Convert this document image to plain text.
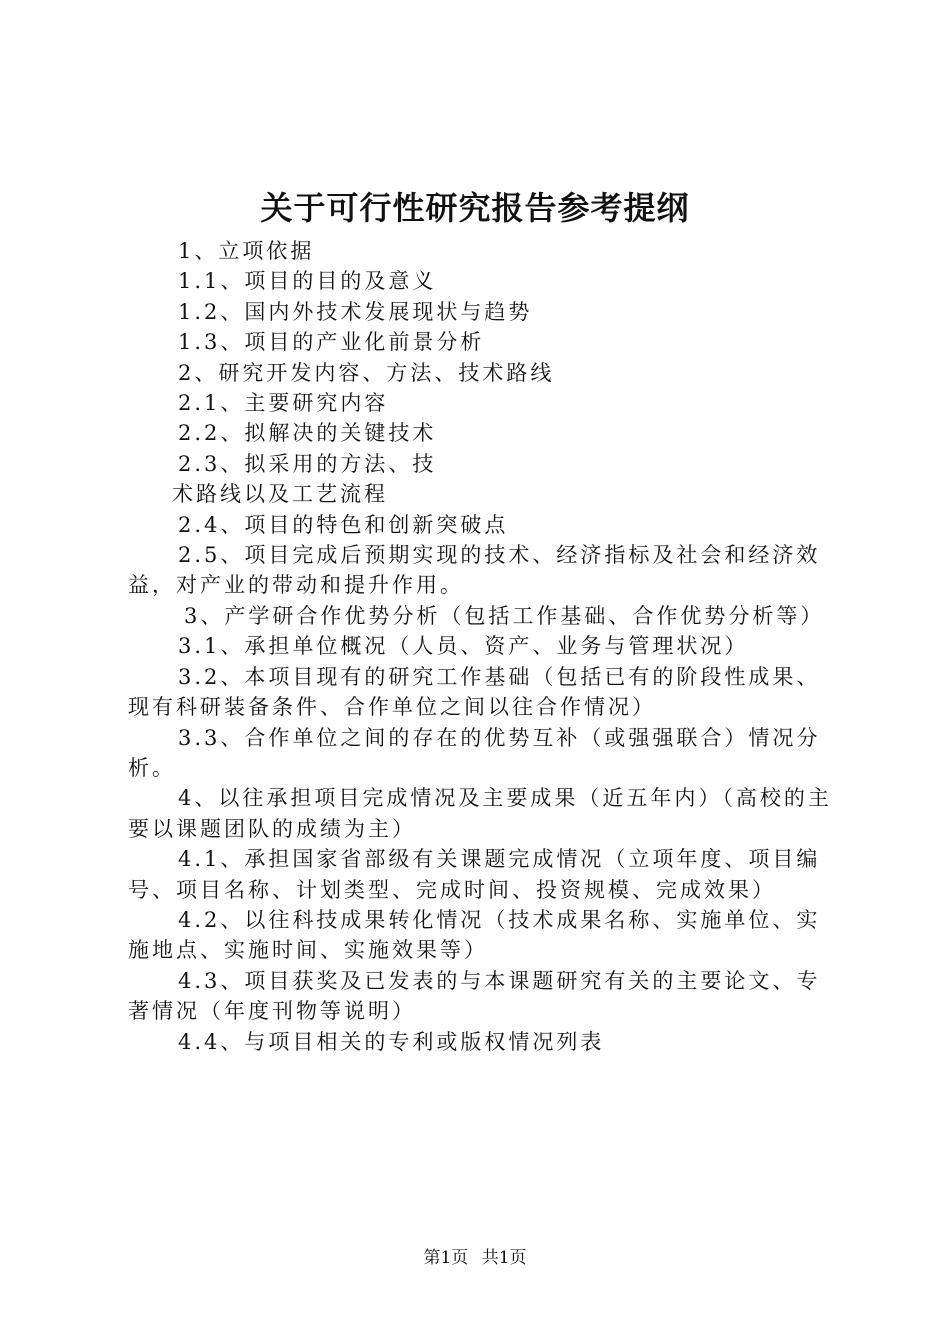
关于可行性研究报告参考提纲

1、立项依据

1.1、项目的目的及意义

1.2、国内外技术发展现状与趋势

1.3、项目的产业化前景分析

2、研究开发内容、方法、技术路线

2.1、主要研究内容

2.2、拟解决的关键技术

2.3、拟采用的方法、技

术路线以及工艺流程

2.4、项目的特色和创新突破点

2.5、项目完成后预期实现的技术、经济指标及社会和经济效益，对产业的带动和提升作用。

3、产学研合作优势分析（包括工作基础、合作优势分析等）

3.1、承担单位概况（人员、资产、业务与管理状况）

3.2、本项目现有的研究工作基础（包括已有的阶段性成果、现有科研装备条件、合作单位之间以往合作情况）

3.3、合作单位之间的存在的优势互补（或强强联合）情况分析。

4、以往承担项目完成情况及主要成果（近五年内）（高校的主要以课题团队的成绩为主）

4.1、承担国家省部级有关课题完成情况（立项年度、项目编号、项目名称、计划类型、完成时间、投资规模、完成效果）

4.2、以往科技成果转化情况（技术成果名称、实施单位、实施地点、实施时间、实施效果等）

4.3、项目获奖及已发表的与本课题研究有关的主要论文、专著情况（年度刊物等说明）

4.4、与项目相关的专利或版权情况列表

第1页 共1页
